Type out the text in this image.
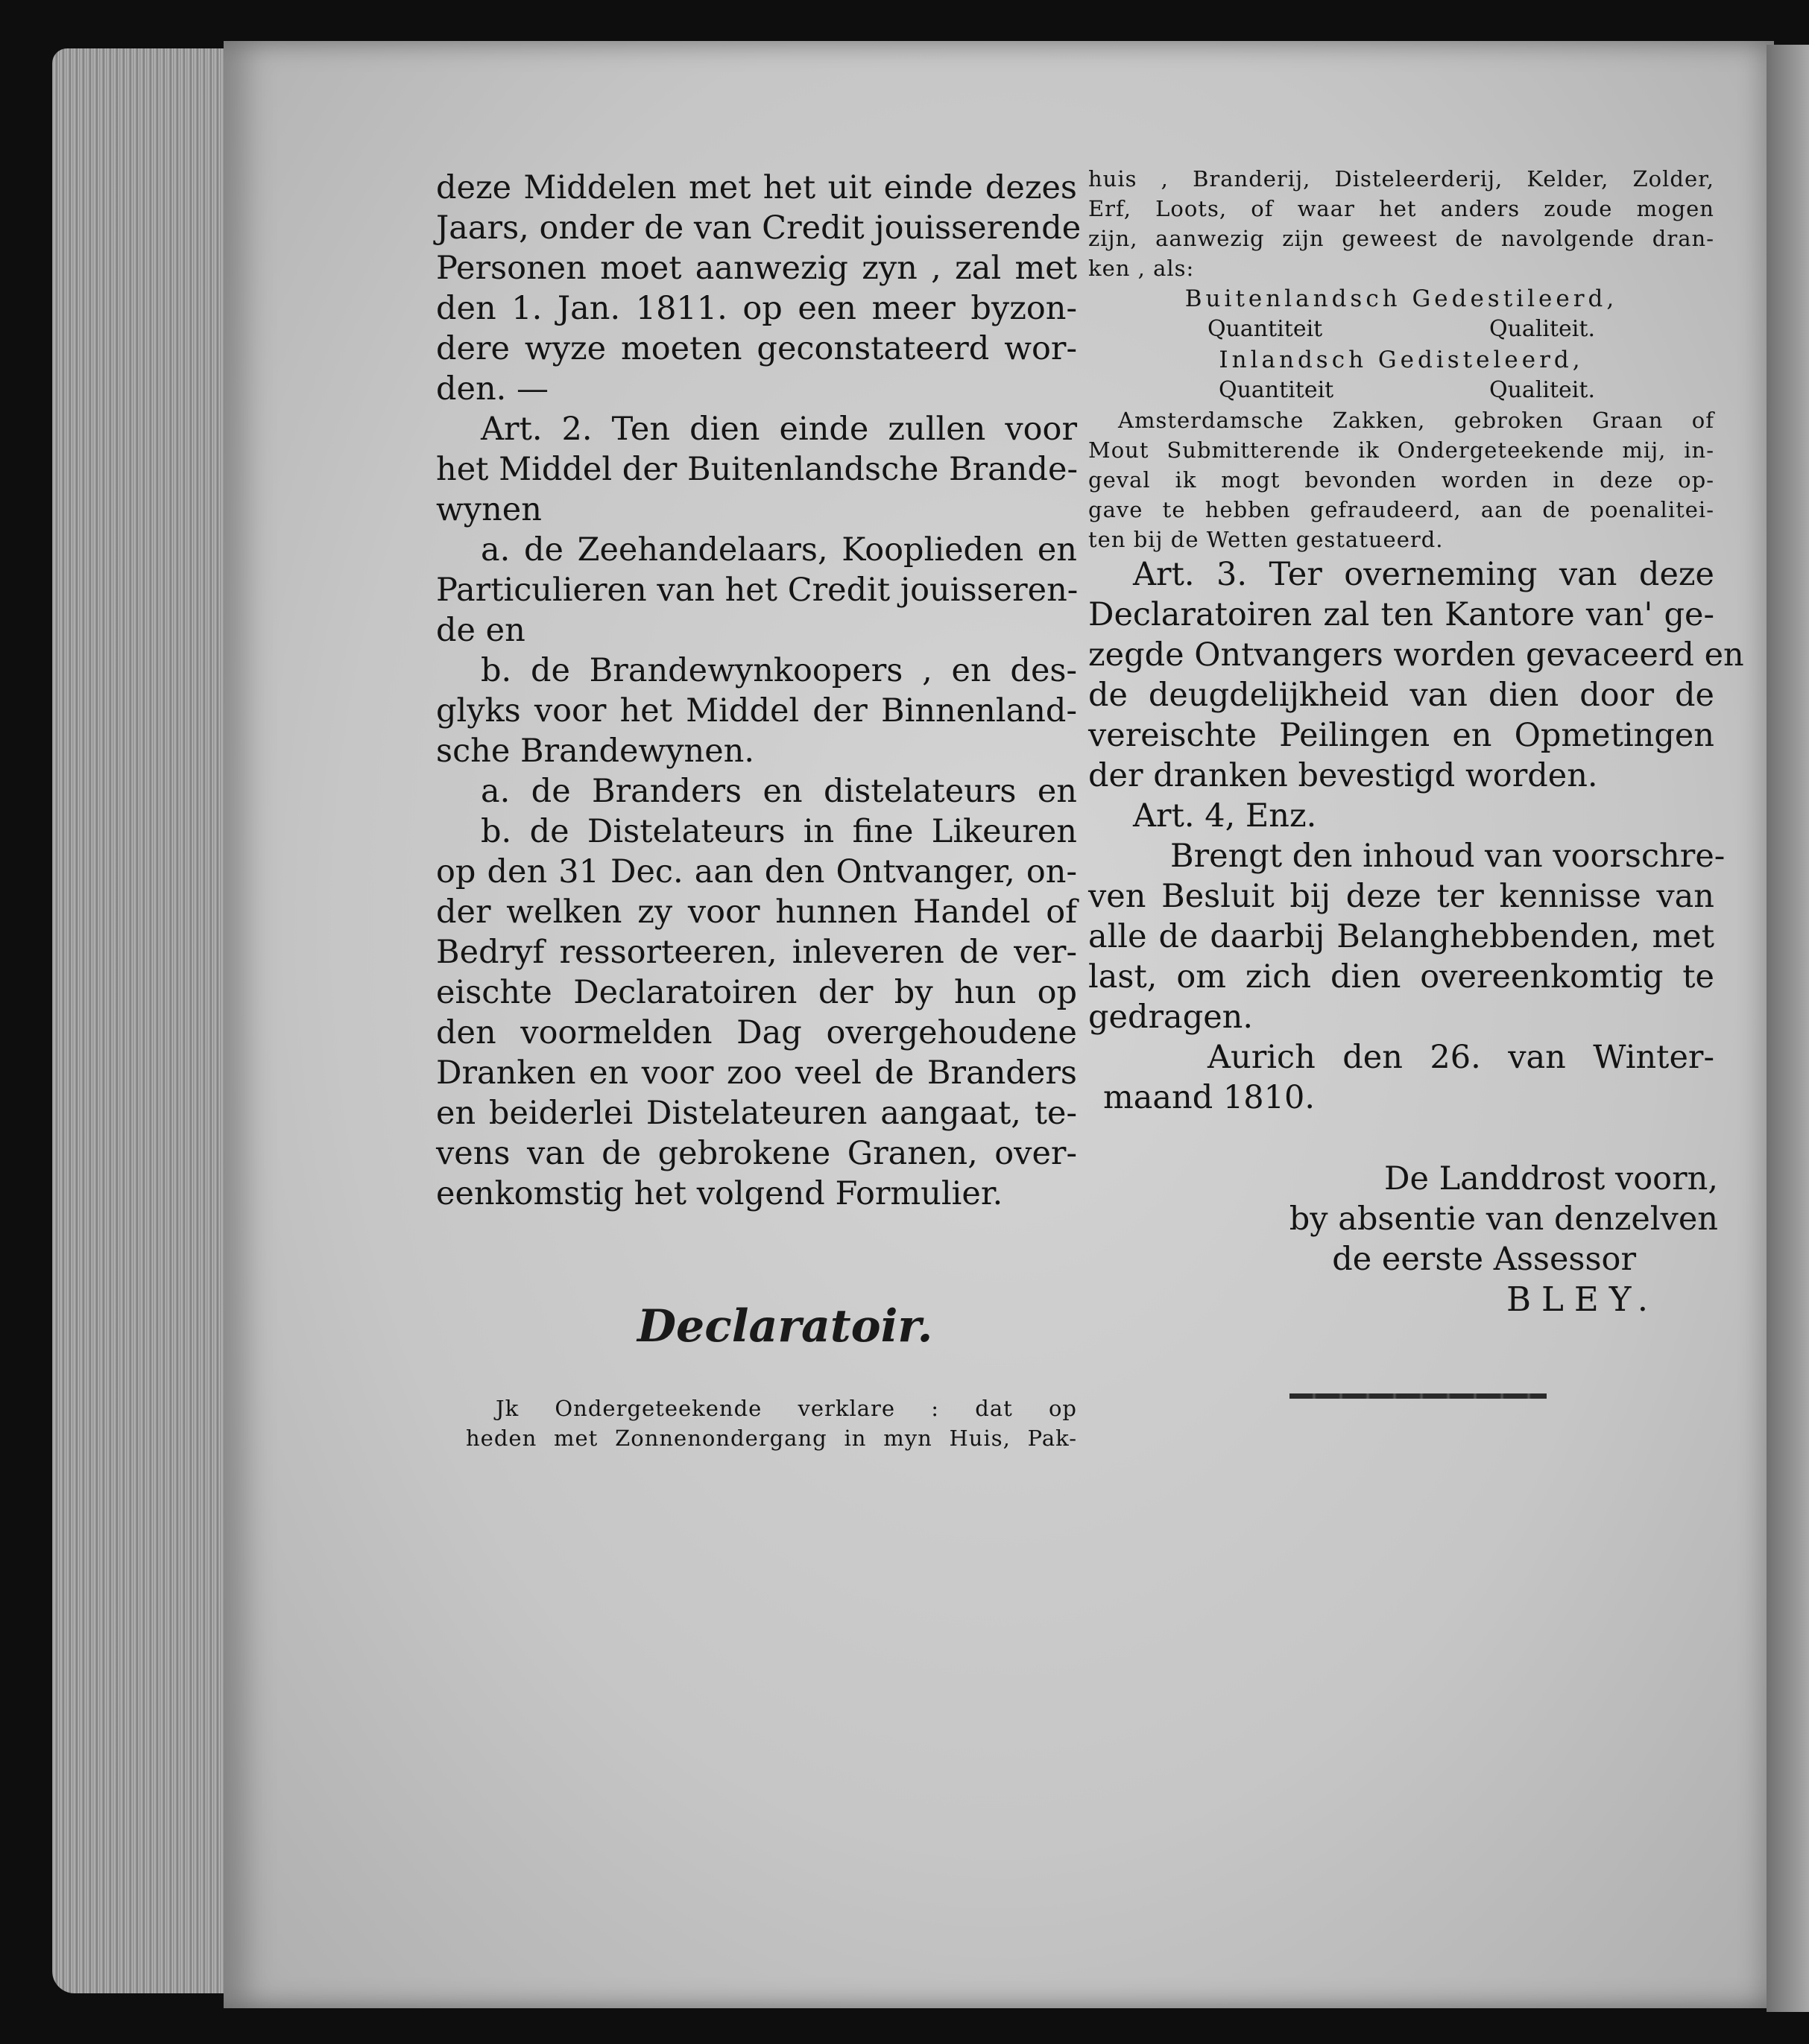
deze Middelen met het uit einde dezes
Jaars, onder de van Credit jouisserende
Personen moet aanwezig zyn , zal met
den 1. Jan. 1811. op een meer byzon-
dere wyze moeten geconstateerd wor-
den. —
Art. 2. Ten dien einde zullen voor
het Middel der Buitenlandsche Brande-
wynen
a. de Zeehandelaars, Kooplieden en
Particulieren van het Credit jouisseren-
de en
b. de Brandewynkoopers , en des-
glyks voor het Middel der Binnenland-
sche Brandewynen.
a. de Branders en distelateurs en
b. de Distelateurs in fine Likeuren
op den 31 Dec. aan den Ontvanger, on-
der welken zy voor hunnen Handel of
Bedryf ressorteeren, inleveren de ver-
eischte Declaratoiren der by hun op
den voormelden Dag overgehoudene
Dranken en voor zoo veel de Branders
en beiderlei Distelateuren aangaat, te-
vens van de gebrokene Granen, over-
eenkomstig het volgend Formulier.
Declaratoir.
Jk Ondergeteekende verklare : dat op
heden met Zonnenondergang in myn Huis, Pak-
huis , Branderij, Disteleerderij, Kelder, Zolder,
Erf, Loots, of waar het anders zoude mogen
zijn, aanwezig zijn geweest de navolgende dran-
ken , als:
Buitenlandsch Gedestileerd,
Quantiteit	Qualiteit.
Inlandsch Gedisteleerd,
Quantiteit	Qualiteit.
Amsterdamsche Zakken, gebroken Graan of
Mout Submitterende ik Ondergeteekende mij, in-
geval ik mogt bevonden worden in deze op-
gave te hebben gefraudeerd, aan de poenalitei-
ten bij de Wetten gestatueerd.
Art. 3. Ter overneming van deze
Declaratoiren zal ten Kantore van' ge-
zegde Ontvangers worden gevaceerd en
de deugdelijkheid van dien door de
vereischte Peilingen en Opmetingen
der dranken bevestigd worden.
Art. 4, Enz.
Brengt den inhoud van voorschre-
ven Besluit bij deze ter kennisse van
alle de daarbij Belanghebbenden, met
last, om zich dien overeenkomtig te
gedragen.
Aurich den 26. van Winter-
maand 1810.
De Landdrost voorn,
by absentie van denzelven
de eerste Assessor
BLEY.
